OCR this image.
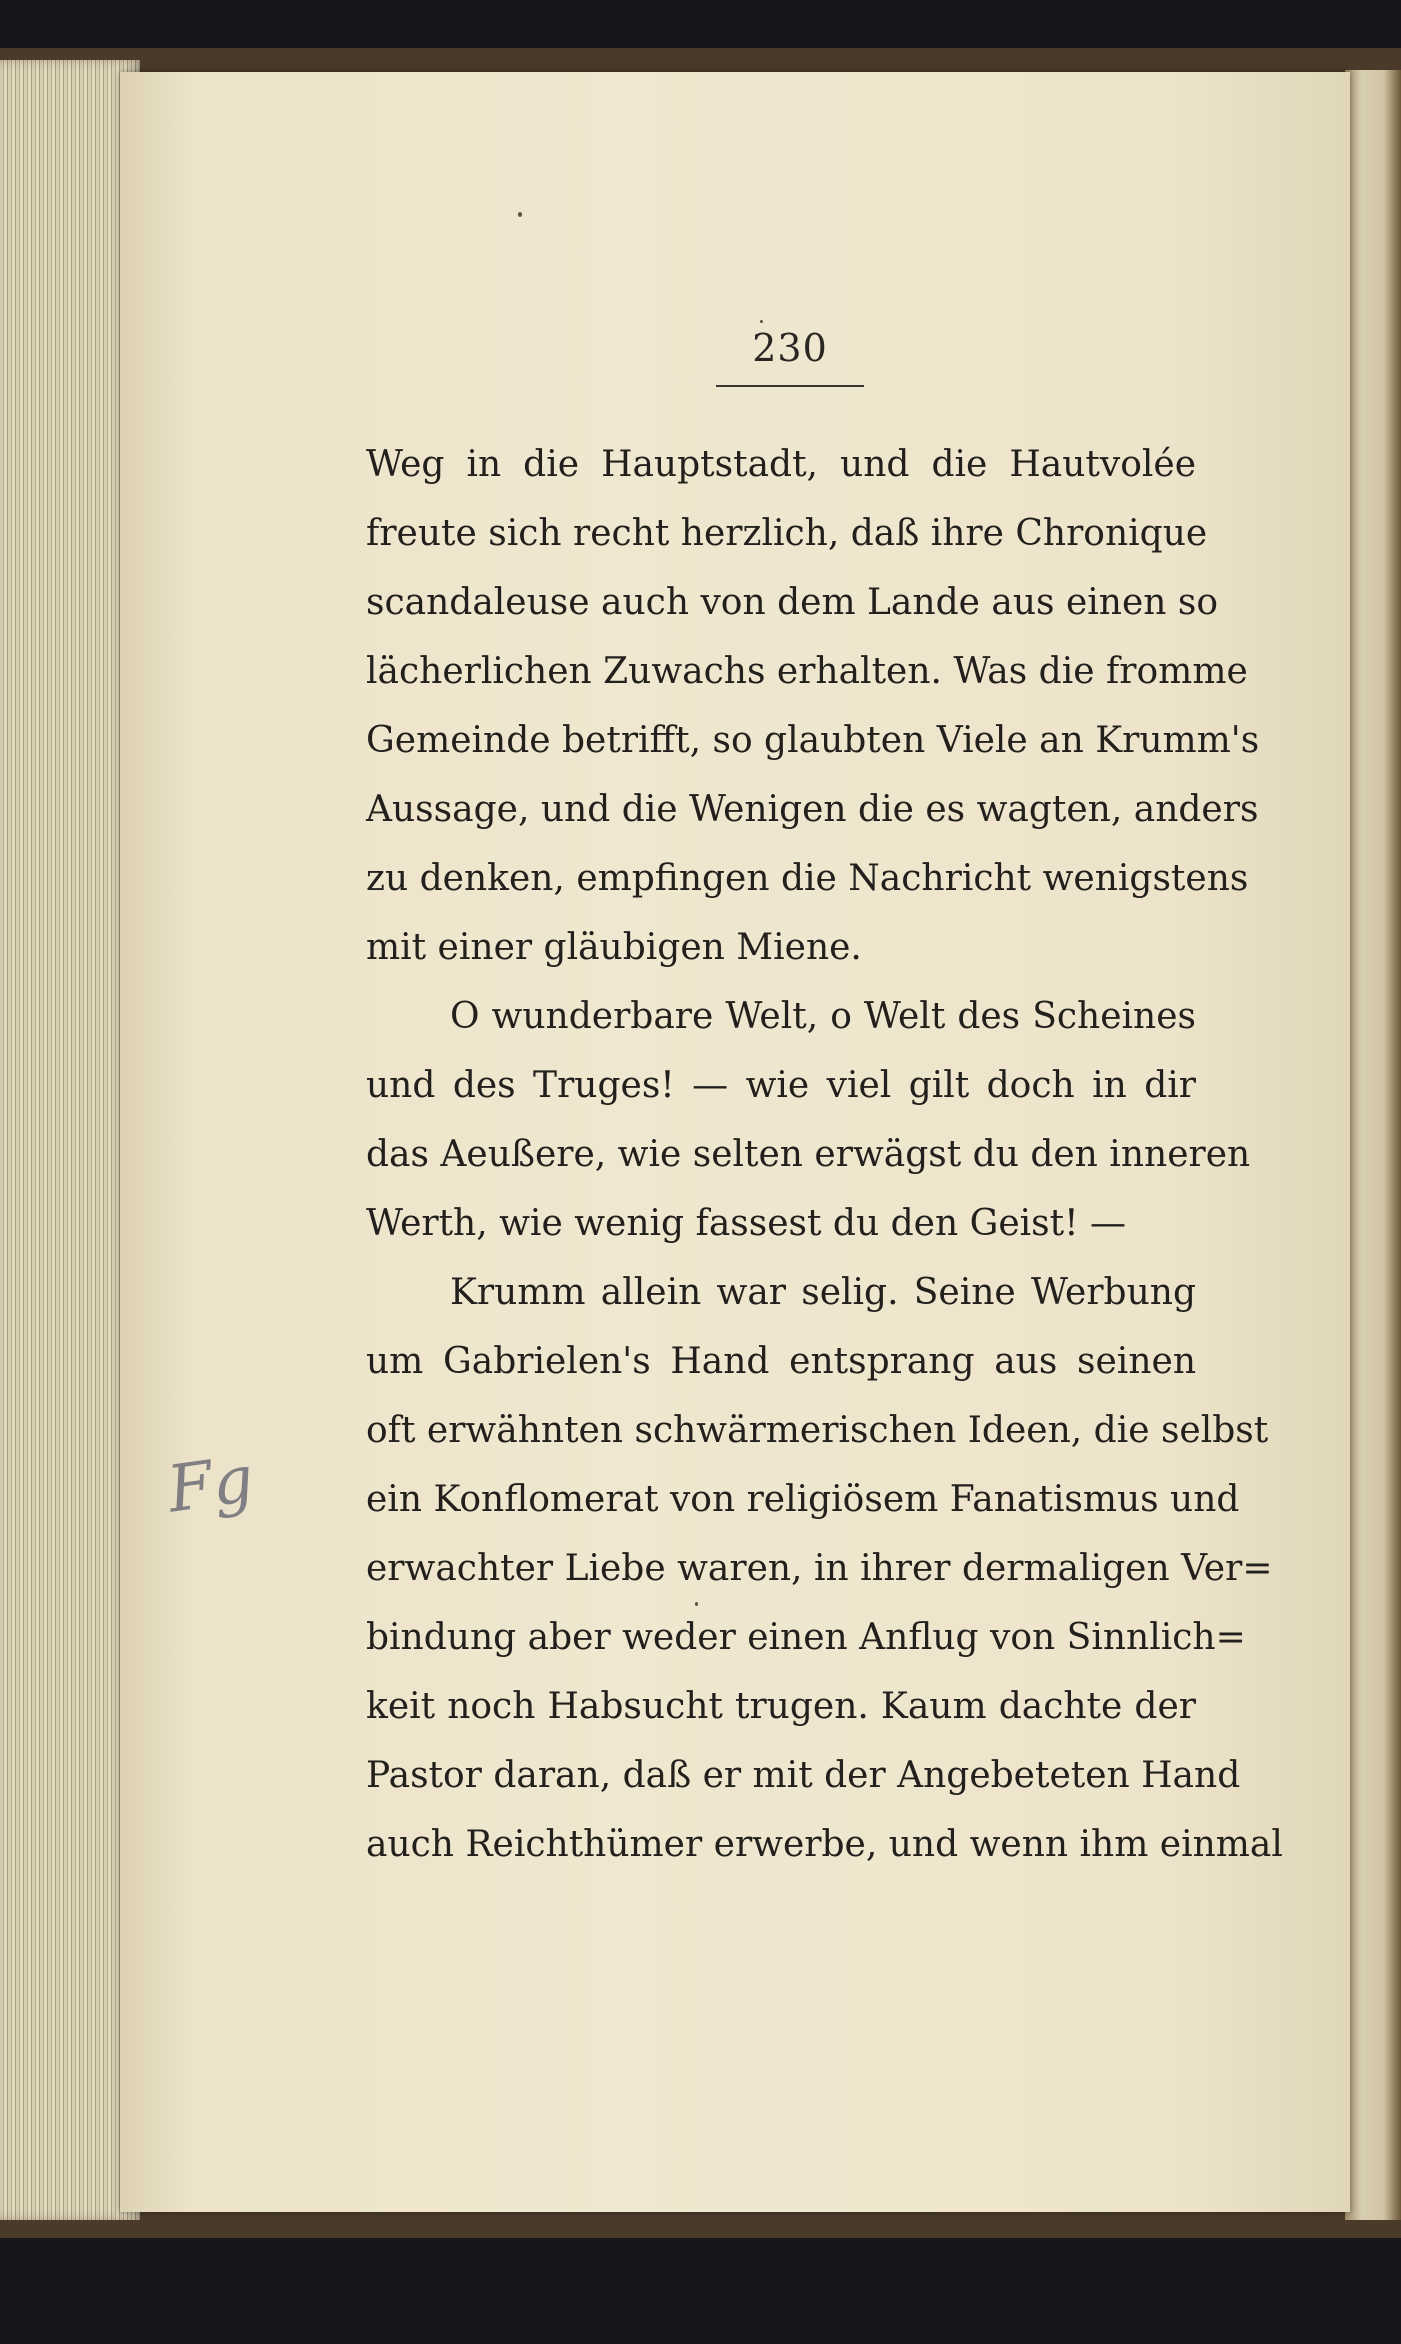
230
Weg in die Hauptstadt, und die Hautvolée
freute sich recht herzlich, daß ihre Chronique
scandaleuse auch von dem Lande aus einen so
lächerlichen Zuwachs erhalten. Was die fromme
Gemeinde betrifft, so glaubten Viele an Krumm's
Aussage, und die Wenigen die es wagten, anders
zu denken, empfingen die Nachricht wenigstens
mit einer gläubigen Miene.
O wunderbare Welt, o Welt des Scheines
und des Truges! — wie viel gilt doch in dir
das Aeußere, wie selten erwägst du den inneren
Werth, wie wenig fassest du den Geist! —
Krumm allein war selig. Seine Werbung
um Gabrielen's Hand entsprang aus seinen
oft erwähnten schwärmerischen Ideen, die selbst
ein Konflomerat von religiösem Fanatismus und
erwachter Liebe waren, in ihrer dermaligen Ver=
bindung aber weder einen Anflug von Sinnlich=
keit noch Habsucht trugen. Kaum dachte der
Pastor daran, daß er mit der Angebeteten Hand
auch Reichthümer erwerbe, und wenn ihm einmal
Fg
